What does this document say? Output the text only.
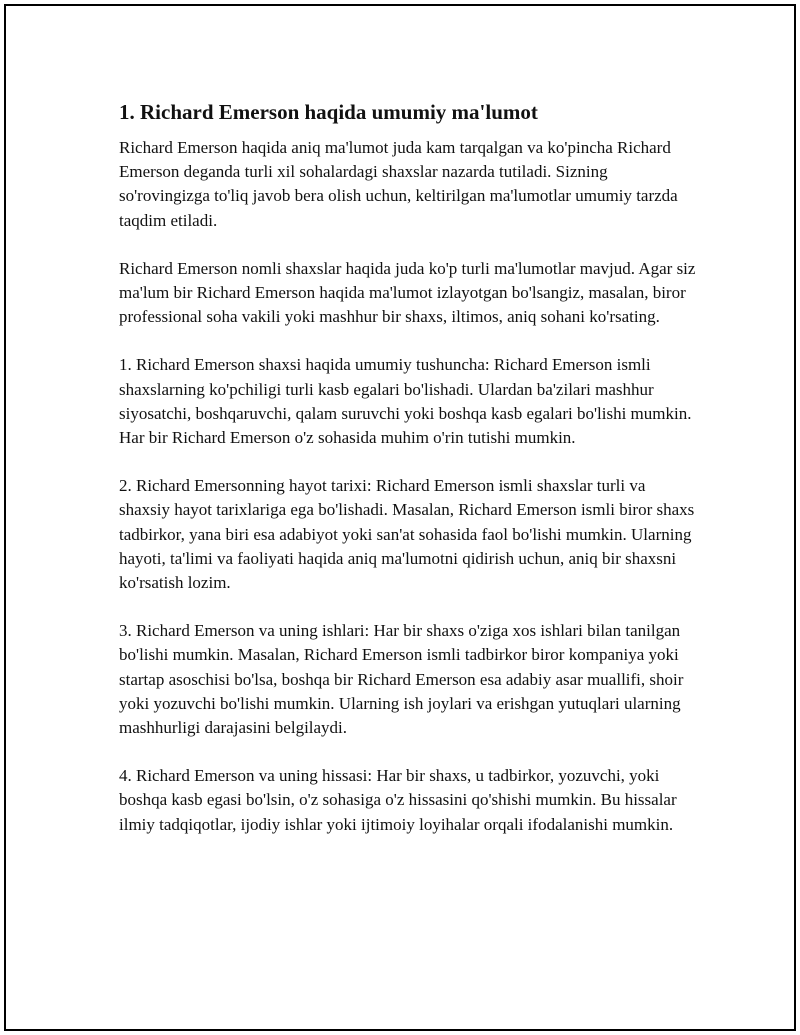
1. Richard Emerson haqida umumiy ma'lumot

Richard Emerson haqida aniq ma'lumot juda kam tarqalgan va ko'pincha Richard Emerson deganda turli xil sohalardagi shaxslar nazarda tutiladi. Sizning so'rovingizga to'liq javob bera olish uchun, keltirilgan ma'lumotlar umumiy tarzda taqdim etiladi.

Richard Emerson nomli shaxslar haqida juda ko'p turli ma'lumotlar mavjud. Agar siz ma'lum bir Richard Emerson haqida ma'lumot izlayotgan bo'lsangiz, masalan, biror professional soha vakili yoki mashhur bir shaxs, iltimos, aniq sohani ko'rsating.

1. Richard Emerson shaxsi haqida umumiy tushuncha: Richard Emerson ismli shaxslarning ko'pchiligi turli kasb egalari bo'lishadi. Ulardan ba'zilari mashhur siyosatchi, boshqaruvchi, qalam suruvchi yoki boshqa kasb egalari bo'lishi mumkin. Har bir Richard Emerson o'z sohasida muhim o'rin tutishi mumkin.

2. Richard Emersonning hayot tarixi: Richard Emerson ismli shaxslar turli va shaxsiy hayot tarixlariga ega bo'lishadi. Masalan, Richard Emerson ismli biror shaxs tadbirkor, yana biri esa adabiyot yoki san'at sohasida faol bo'lishi mumkin. Ularning hayoti, ta'limi va faoliyati haqida aniq ma'lumotni qidirish uchun, aniq bir shaxsni ko'rsatish lozim.

3. Richard Emerson va uning ishlari: Har bir shaxs o'ziga xos ishlari bilan tanilgan bo'lishi mumkin. Masalan, Richard Emerson ismli tadbirkor biror kompaniya yoki startap asoschisi bo'lsa, boshqa bir Richard Emerson esa adabiy asar muallifi, shoir yoki yozuvchi bo'lishi mumkin. Ularning ish joylari va erishgan yutuqlari ularning mashhurligi darajasini belgilaydi.

4. Richard Emerson va uning hissasi: Har bir shaxs, u tadbirkor, yozuvchi, yoki boshqa kasb egasi bo'lsin, o'z sohasiga o'z hissasini qo'shishi mumkin. Bu hissalar ilmiy tadqiqotlar, ijodiy ishlar yoki ijtimoiy loyihalar orqali ifodalanishi mumkin.
